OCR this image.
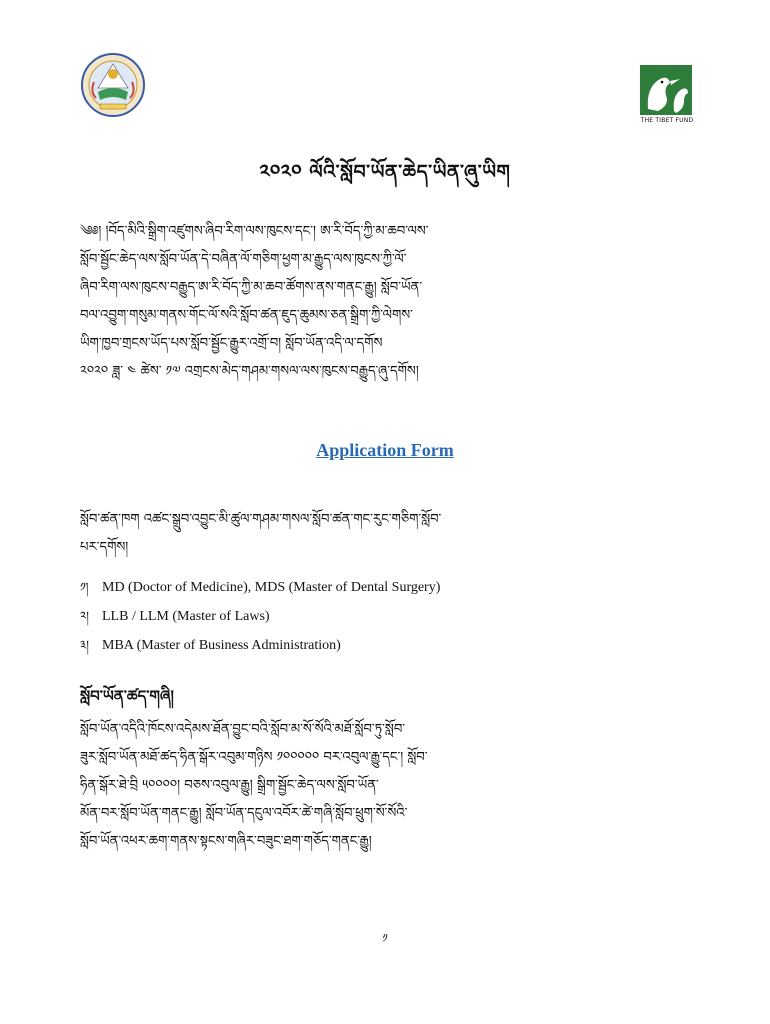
THE TIBET FUND
༢༠༢༠ ལོའི་སློབ་ཡོན་ཆེད་ཡིན་ཞུ་ཡིག
༄༅། །བོད་མིའི་སྒྲིག་འཛུགས་ཞིབ་རིག་ལས་ཁུངས་དང་། ཨ་རི་བོད་ཀྱི་མ་ཆབ་ལས་
སློབ་སྦྱོང་ཆེད་ལས་སློབ་ཡོན་དེ་བཞིན་ལོ་གཅིག་ཕྱག་མ་རྒྱུད་ལས་ཁུངས་ཀྱི་ལོ་
ཞིབ་རིག་ལས་ཁུངས་བརྒྱུད་ཨ་རི་བོད་ཀྱི་མ་ཆབ་ཚོགས་ནས་གནང་རྒྱུ། སློབ་ཡོན་
བལ་འབྱུག་གསུམ་གནས་གོང་ལོ་སའི་སློབ་ཚན་ཇུད་ཆུམས་ཅན་སྒྲིག་ཀྱི་ལེགས་
ཡིག་ཁྱབ་གྲངས་ཡོད་པས་སློབ་སྦྱོང་རྒྱུར་འགྲོ་བ། སློབ་ཡོན་འདི་ལ་དགོས
༢༠༢༠ ཟླ་ ༤ ཚེས་ ༡༧ འགྲངས་མེད་གཤམ་གསལ་ལས་ཁུངས་བརྒྱུད་ཞུ་དགོས།
Application Form
སློབ་ཚན་ཁག འཚང་སྒྲུབ་འབྱུང་མི་ཚུལ་གཤམ་གསལ་སློབ་ཚན་གང་རུང་གཅིག་སློབ་
པར་དགོས།
༡། MD (Doctor of Medicine), MDS (Master of Dental Surgery)
༢། LLB / LLM (Master of Laws)
༣། MBA (Master of Business Administration)
སློབ་ཡོན་ཚད་གཞི།
སློབ་ཡོན་འདིའི་ཁོངས་འདེམས་ཐོན་བྱུང་བའི་སློབ་མ་སོ་སོའི་མཐོ་སློབ་ཏུ་སློབ་
ཟུར་སློབ་ཡོན་མཐོ་ཚད་ཧིན་སྒོར་འབུམ་གཉིས ༡༠༠༠༠༠ བར་འབུལ་རྒྱུ་དང་། སློབ་
ཧིན་སྒོར་ཐེ་བྲི ༥༠༠༠༠། བཅས་འབུལ་རྒྱུ། སྒྲིག་སྦྱོང་ཆེད་ལས་སློབ་ཡོན་
མོན་བར་སློབ་ཡོན་གནང་རྒྱུ། སློབ་ཡོན་དངུལ་འབོར་ཚེ་གཞི་སློབ་ཕྲུག་སོ་སོའི་
སློབ་ཡོན་འཕར་ཆག་གནས་སྟངས་གཞིར་བཟུང་ཐག་གཅོད་གནང་རྒྱུ།
༡
